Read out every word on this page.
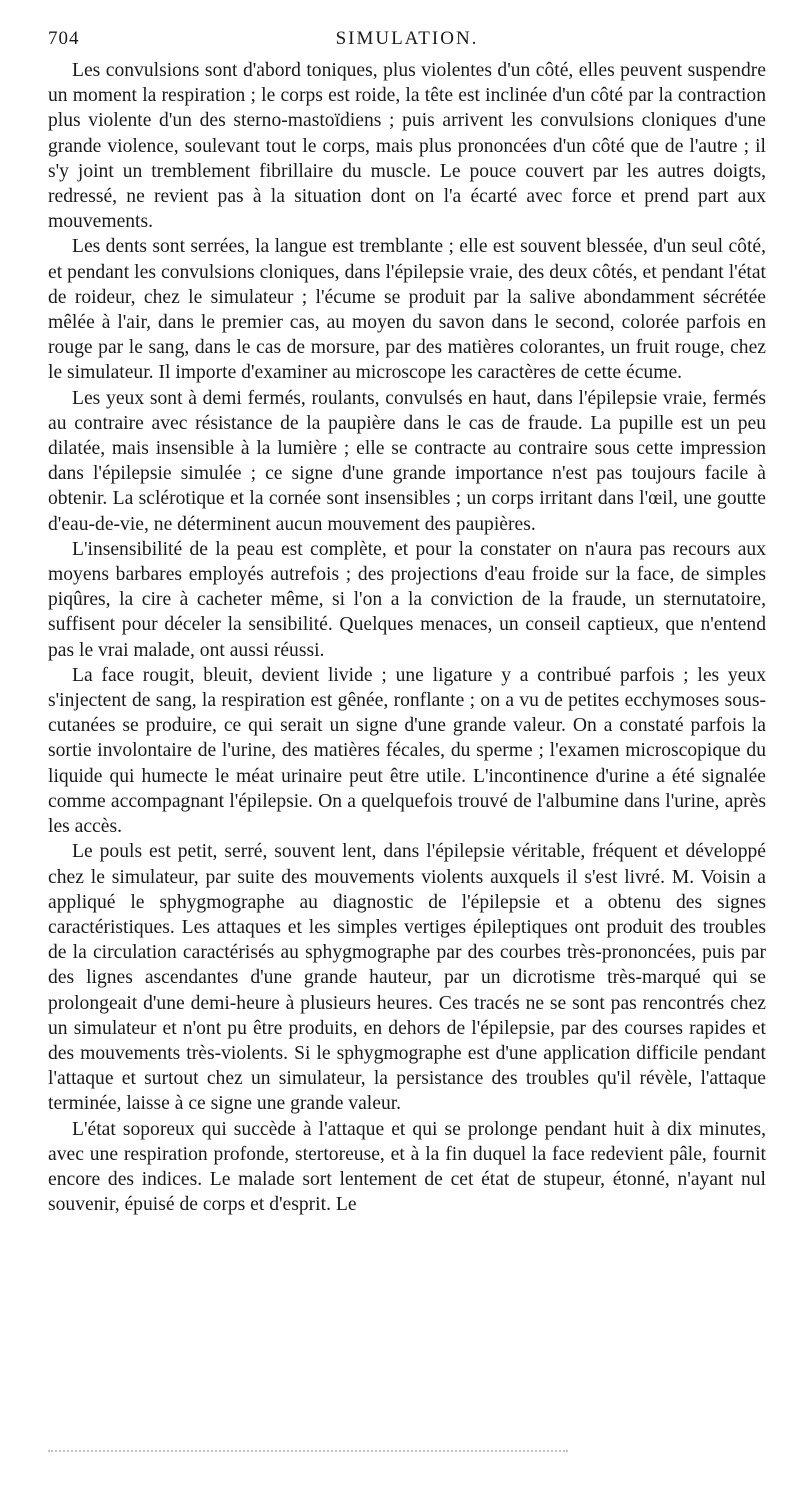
704	SIMULATION.

Les convulsions sont d'abord toniques, plus violentes d'un côté, elles peuvent suspendre un moment la respiration ; le corps est roide, la tête est inclinée d'un côté par la contraction plus violente d'un des sterno-mastoïdiens ; puis arrivent les convulsions cloniques d'une grande violence, soulevant tout le corps, mais plus prononcées d'un côté que de l'autre ; il s'y joint un tremblement fibrillaire du muscle. Le pouce couvert par les autres doigts, redressé, ne revient pas à la situation dont on l'a écarté avec force et prend part aux mouvements.

Les dents sont serrées, la langue est tremblante ; elle est souvent blessée, d'un seul côté, et pendant les convulsions cloniques, dans l'épilepsie vraie, des deux côtés, et pendant l'état de roideur, chez le simulateur ; l'écume se produit par la salive abondamment sécrétée mêlée à l'air, dans le premier cas, au moyen du savon dans le second, colorée parfois en rouge par le sang, dans le cas de morsure, par des matières colorantes, un fruit rouge, chez le simulateur. Il importe d'examiner au microscope les caractères de cette écume.

Les yeux sont à demi fermés, roulants, convulsés en haut, dans l'épilepsie vraie, fermés au contraire avec résistance de la paupière dans le cas de fraude. La pupille est un peu dilatée, mais insensible à la lumière ; elle se contracte au contraire sous cette impression dans l'épilepsie simulée ; ce signe d'une grande importance n'est pas toujours facile à obtenir. La sclérotique et la cornée sont insensibles ; un corps irritant dans l'œil, une goutte d'eau-de-vie, ne déterminent aucun mouvement des paupières.

L'insensibilité de la peau est complète, et pour la constater on n'aura pas recours aux moyens barbares employés autrefois ; des projections d'eau froide sur la face, de simples piqûres, la cire à cacheter même, si l'on a la conviction de la fraude, un sternutatoire, suffisent pour déceler la sensibilité. Quelques menaces, un conseil captieux, que n'entend pas le vrai malade, ont aussi réussi.

La face rougit, bleuit, devient livide ; une ligature y a contribué parfois ; les yeux s'injectent de sang, la respiration est gênée, ronflante ; on a vu de petites ecchymoses sous-cutanées se produire, ce qui serait un signe d'une grande valeur. On a constaté parfois la sortie involontaire de l'urine, des matières fécales, du sperme ; l'examen microscopique du liquide qui humecte le méat urinaire peut être utile. L'incontinence d'urine a été signalée comme accompagnant l'épilepsie. On a quelquefois trouvé de l'albumine dans l'urine, après les accès.

Le pouls est petit, serré, souvent lent, dans l'épilepsie véritable, fréquent et développé chez le simulateur, par suite des mouvements violents auxquels il s'est livré. M. Voisin a appliqué le sphygmographe au diagnostic de l'épilepsie et a obtenu des signes caractéristiques. Les attaques et les simples vertiges épileptiques ont produit des troubles de la circulation caractérisés au sphygmographe par des courbes très-prononcées, puis par des lignes ascendantes d'une grande hauteur, par un dicrotisme très-marqué qui se prolongeait d'une demi-heure à plusieurs heures. Ces tracés ne se sont pas rencontrés chez un simulateur et n'ont pu être produits, en dehors de l'épilepsie, par des courses rapides et des mouvements très-violents. Si le sphygmographe est d'une application difficile pendant l'attaque et surtout chez un simulateur, la persistance des troubles qu'il révèle, l'attaque terminée, laisse à ce signe une grande valeur.

L'état soporeux qui succède à l'attaque et qui se prolonge pendant huit à dix minutes, avec une respiration profonde, stertoreuse, et à la fin duquel la face redevient pâle, fournit encore des indices. Le malade sort lentement de cet état de stupeur, étonné, n'ayant nul souvenir, épuisé de corps et d'esprit. Le
